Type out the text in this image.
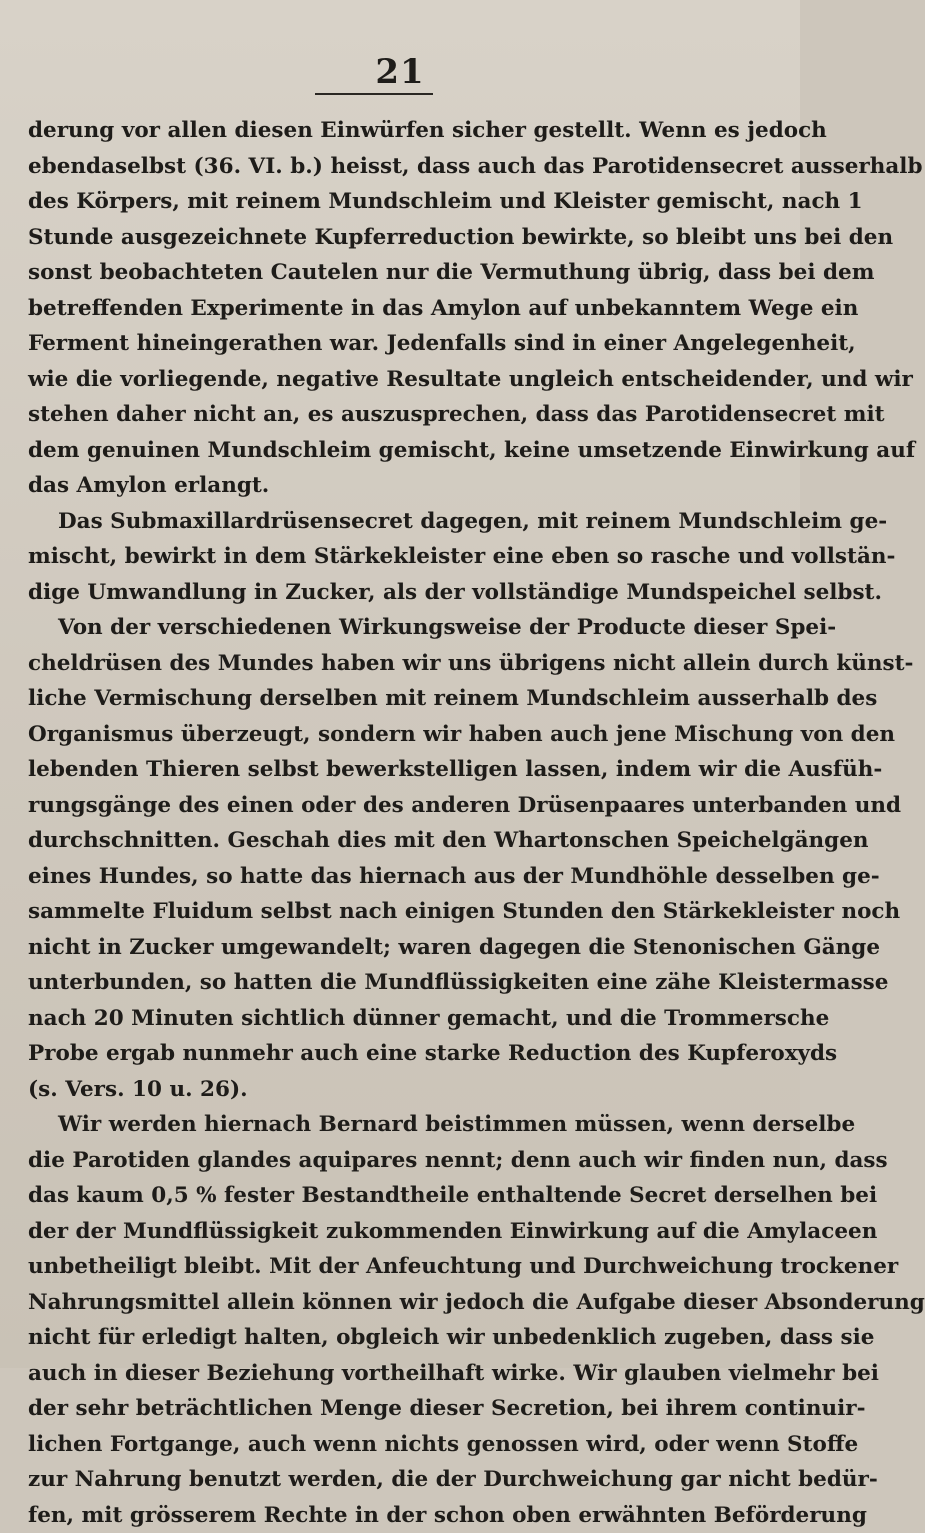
21
derung vor allen diesen Einwürfen sicher gestellt. Wenn es jedoch
ebendaselbst (36. VI. b.) heisst, dass auch das Parotidensecret ausserhalb
des Körpers, mit reinem Mundschleim und Kleister gemischt, nach 1
Stunde ausgezeichnete Kupferreduction bewirkte, so bleibt uns bei den
sonst beobachteten Cautelen nur die Vermuthung übrig, dass bei dem
betreffenden Experimente in das Amylon auf unbekanntem Wege ein
Ferment hineingerathen war. Jedenfalls sind in einer Angelegenheit,
wie die vorliegende, negative Resultate ungleich entscheidender, und wir
stehen daher nicht an, es auszusprechen, dass das Parotidensecret mit
dem genuinen Mundschleim gemischt, keine umsetzende Einwirkung auf
das Amylon erlangt.
Das Submaxillardrüsensecret dagegen, mit reinem Mundschleim ge-
mischt, bewirkt in dem Stärkekleister eine eben so rasche und vollstän-
dige Umwandlung in Zucker, als der vollständige Mundspeichel selbst.
Von der verschiedenen Wirkungsweise der Producte dieser Spei-
cheldrüsen des Mundes haben wir uns übrigens nicht allein durch künst-
liche Vermischung derselben mit reinem Mundschleim ausserhalb des
Organismus überzeugt, sondern wir haben auch jene Mischung von den
lebenden Thieren selbst bewerkstelligen lassen, indem wir die Ausfüh-
rungsgänge des einen oder des anderen Drüsenpaares unterbanden und
durchschnitten. Geschah dies mit den Whartonschen Speichelgängen
eines Hundes, so hatte das hiernach aus der Mundhöhle desselben ge-
sammelte Fluidum selbst nach einigen Stunden den Stärkekleister noch
nicht in Zucker umgewandelt; waren dagegen die Stenonischen Gänge
unterbunden, so hatten die Mundflüssigkeiten eine zähe Kleistermasse
nach 20 Minuten sichtlich dünner gemacht, und die Trommersche
Probe ergab nunmehr auch eine starke Reduction des Kupferoxyds
(s. Vers. 10 u. 26).
Wir werden hiernach Bernard beistimmen müssen, wenn derselbe
die Parotiden glandes aquipares nennt; denn auch wir finden nun, dass
das kaum 0,5 % fester Bestandtheile enthaltende Secret derselhen bei
der der Mundflüssigkeit zukommenden Einwirkung auf die Amylaceen
unbetheiligt bleibt. Mit der Anfeuchtung und Durchweichung trockener
Nahrungsmittel allein können wir jedoch die Aufgabe dieser Absonderung
nicht für erledigt halten, obgleich wir unbedenklich zugeben, dass sie
auch in dieser Beziehung vortheilhaft wirke. Wir glauben vielmehr bei
der sehr beträchtlichen Menge dieser Secretion, bei ihrem continuir-
lichen Fortgange, auch wenn nichts genossen wird, oder wenn Stoffe
zur Nahrung benutzt werden, die der Durchweichung gar nicht bedür-
fen, mit grösserem Rechte in der schon oben erwähnten Beförderung
